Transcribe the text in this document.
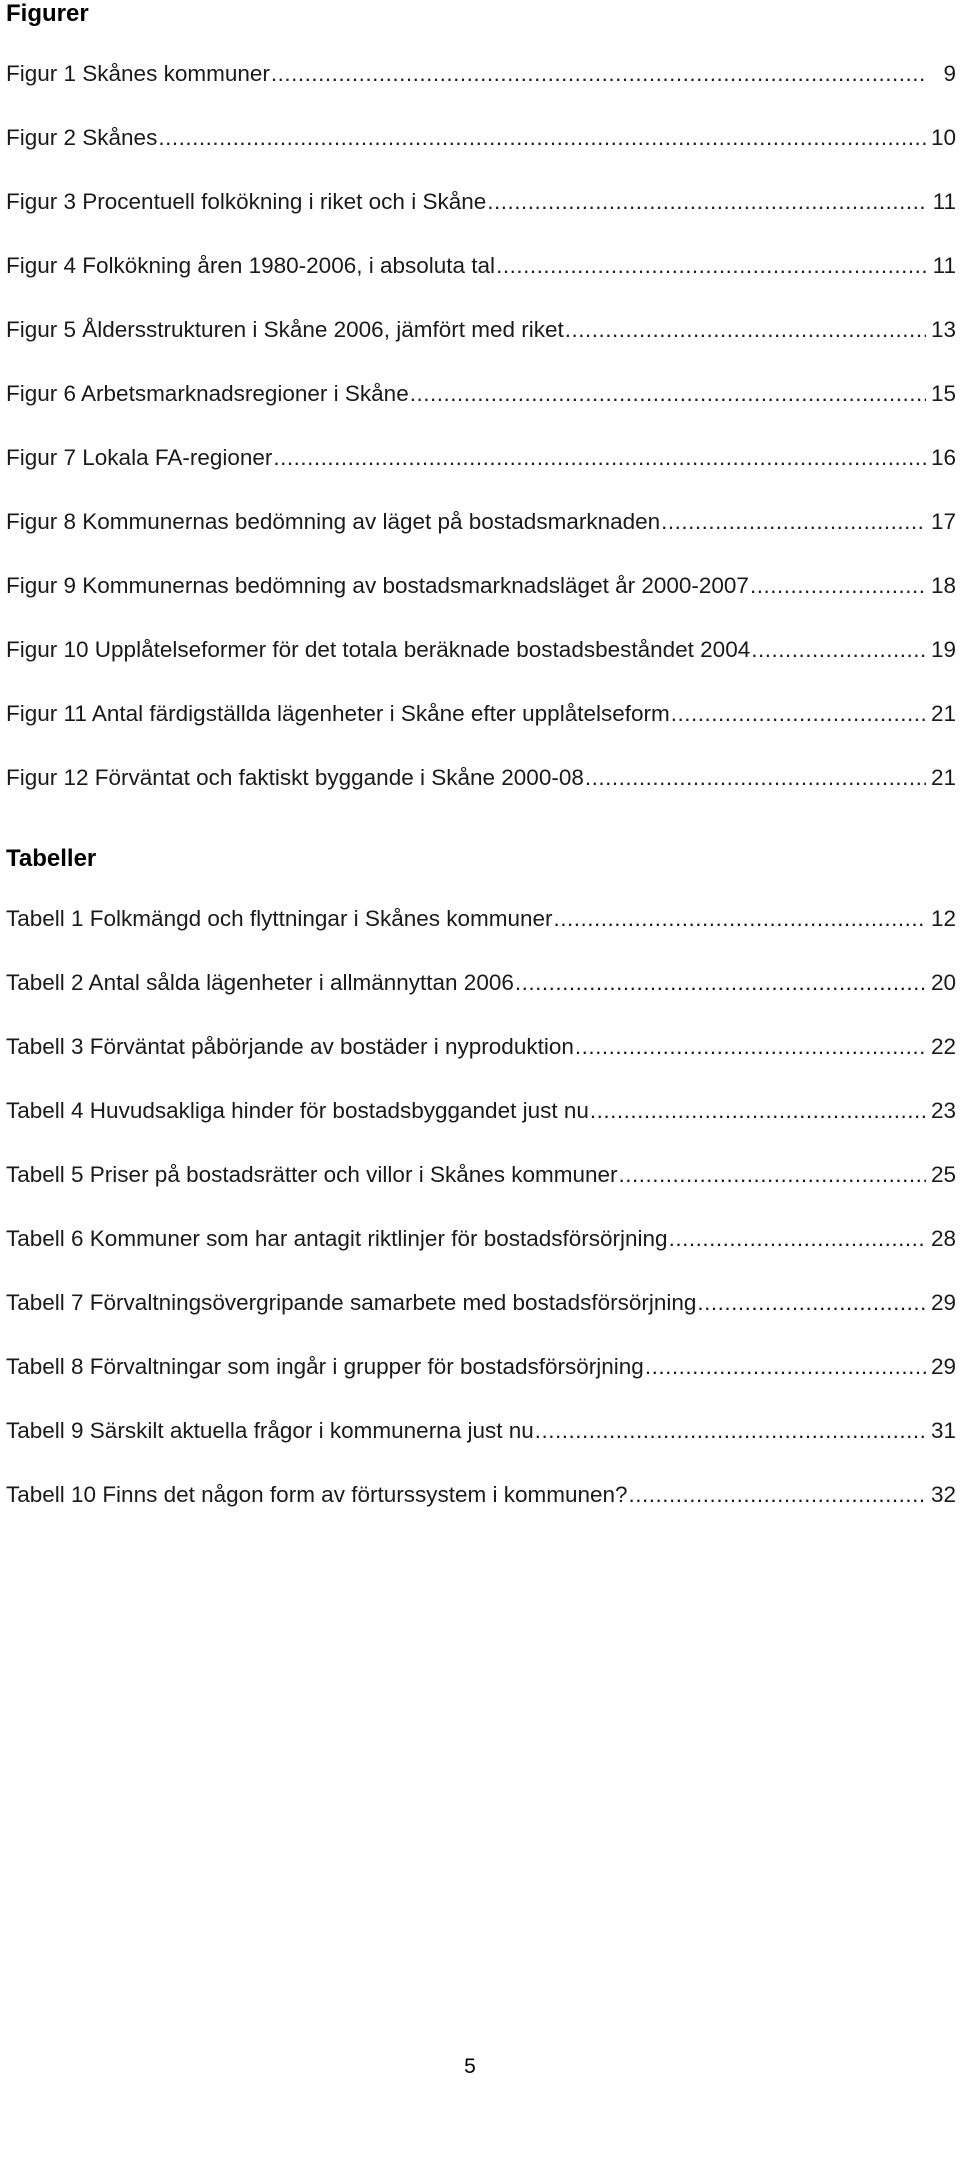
Figurer
Figur 1 Skånes kommuner .....	9
Figur 2 Skånes .....	10
Figur 3 Procentuell folkökning i riket och i Skåne .....	11
Figur 4 Folkökning åren 1980-2006, i absoluta tal .....	11
Figur 5 Åldersstrukturen i Skåne 2006, jämfört med riket .....	13
Figur 6 Arbetsmarknadsregioner i Skåne .....	15
Figur 7 Lokala FA-regioner .....	16
Figur 8 Kommunernas bedömning av läget på bostadsmarknaden .....	17
Figur 9 Kommunernas bedömning av bostadsmarknadsläget år 2000-2007 .....	18
Figur 10 Upplåtelseformer för det totala beräknade bostadsbeståndet 2004 .....	19
Figur 11 Antal färdigställda lägenheter i Skåne efter upplåtelseform .....	21
Figur 12 Förväntat och faktiskt byggande i Skåne 2000-08 .....	21
Tabeller
Tabell 1 Folkmängd och flyttningar i Skånes kommuner .....	12
Tabell 2 Antal sålda lägenheter i allmännyttan 2006 .....	20
Tabell 3 Förväntat påbörjande av bostäder i nyproduktion .....	22
Tabell 4 Huvudsakliga hinder för bostadsbyggandet just nu .....	23
Tabell 5 Priser på bostadsrätter och villor i Skånes kommuner .....	25
Tabell 6 Kommuner som har antagit riktlinjer för bostadsförsörjning .....	28
Tabell 7 Förvaltningsövergripande samarbete med bostadsförsörjning .....	29
Tabell 8 Förvaltningar som ingår i grupper för bostadsförsörjning .....	29
Tabell 9 Särskilt aktuella frågor i kommunerna just nu .....	31
Tabell 10 Finns det någon form av förturssystem i kommunen? .....	32
5
